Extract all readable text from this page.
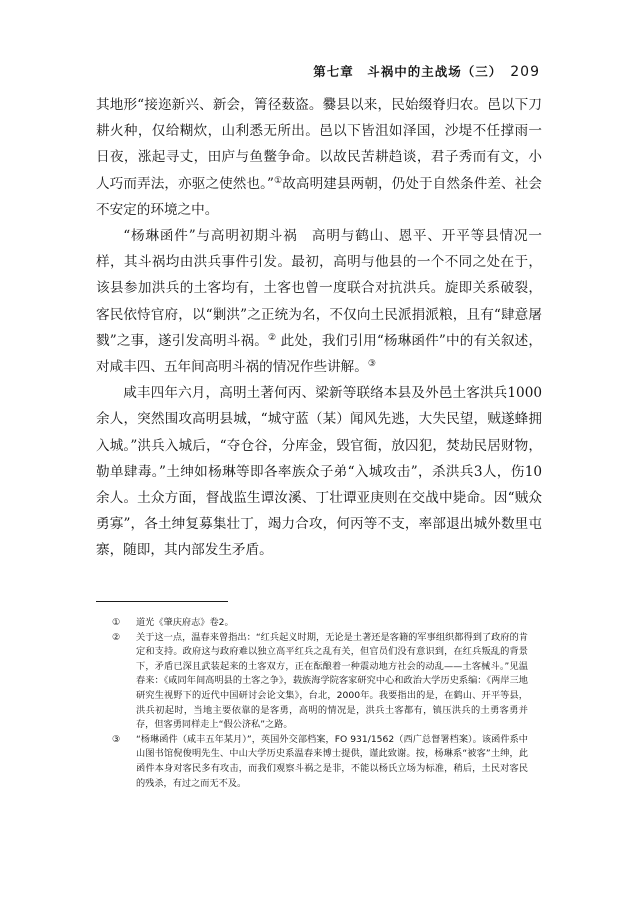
第七章　斗祸中的主战场（三） 209

其地形“接迩新兴、新会，箐径薮盗。爨县以来，民始缀脊归农。邑以下刀耕火种，仅给糊炊，山利悉无所出。邑以下皆沮如泽国，沙堤不任撑雨一日夜，涨起寻丈，田庐与鱼鳖争命。以故民苦耕趋谈，君子秀而有文，小人巧而弄法，亦驱之使然也。”①故高明建县两朝，仍处于自然条件差、社会不安定的环境之中。

“杨琳函件”与高明初期斗祸　高明与鹤山、恩平、开平等县情况一样，其斗祸均由洪兵事件引发。最初，高明与他县的一个不同之处在于，该县参加洪兵的土客均有，土客也曾一度联合对抗洪兵。旋即关系破裂，客民依恃官府，以“剿洪”之正统为名，不仅向土民派捐派粮，且有“肆意屠戮”之事，遂引发高明斗祸。② 此处，我们引用“杨琳函件”中的有关叙述，对咸丰四、五年间高明斗祸的情况作些讲解。③

咸丰四年六月，高明土著何丙、梁新等联络本县及外邑土客洪兵1000余人，突然围攻高明县城，“城守蓝（某）闻风先逃，大失民望，贼遂蜂拥入城。”洪兵入城后，“夺仓谷，分库金，毁官衙，放囚犯，焚劫民居财物，勒单肆毒。”土绅如杨琳等即各率族众子弟“入城攻击”，杀洪兵3人，伤10余人。土众方面，督战监生谭汝溪、丁壮谭亚庚则在交战中毙命。因“贼众勇寡”，各土绅复募集壮丁，竭力合攻，何丙等不支，率部退出城外数里屯寨，随即，其内部发生矛盾。

① 道光《肇庆府志》卷2。

② 关于这一点，温春来曾指出：“红兵起义时期，无论是土著还是客籍的军事组织都得到了政府的肯定和支持。政府这与政府难以独立高平红兵之乱有关，但官员们没有意识到，在红兵叛乱的背景下，矛盾已深且武装起来的土客双方，正在酝酿着一种震动地方社会的动乱——土客械斗。”见温春来：《咸同年间高明县的土客之争》，载族海学院客家研究中心和政治大学历史系编：《两岸三地研究生视野下的近代中国研讨会论文集》，台北，2000年。我要指出的是，在鹤山、开平等县，洪兵初起时，当地主要依靠的是客勇，高明的情况是，洪兵土客都有，镇压洪兵的土勇客勇并存，但客勇同样走上“假公济私”之路。

③ “杨琳函件（咸丰五年某月）”，英国外交部档案，FO 931/1562（西广总督署档案）。该函件系中山图书馆倪俊明先生、中山大学历史系温春来博士提供，谨此致谢。按，杨琳系“被客”土绅，此函件本身对客民多有攻击，而我们观察斗祸之是非，不能以杨氏立场为标准，稍后，土民对客民的残杀，有过之而无不及。
